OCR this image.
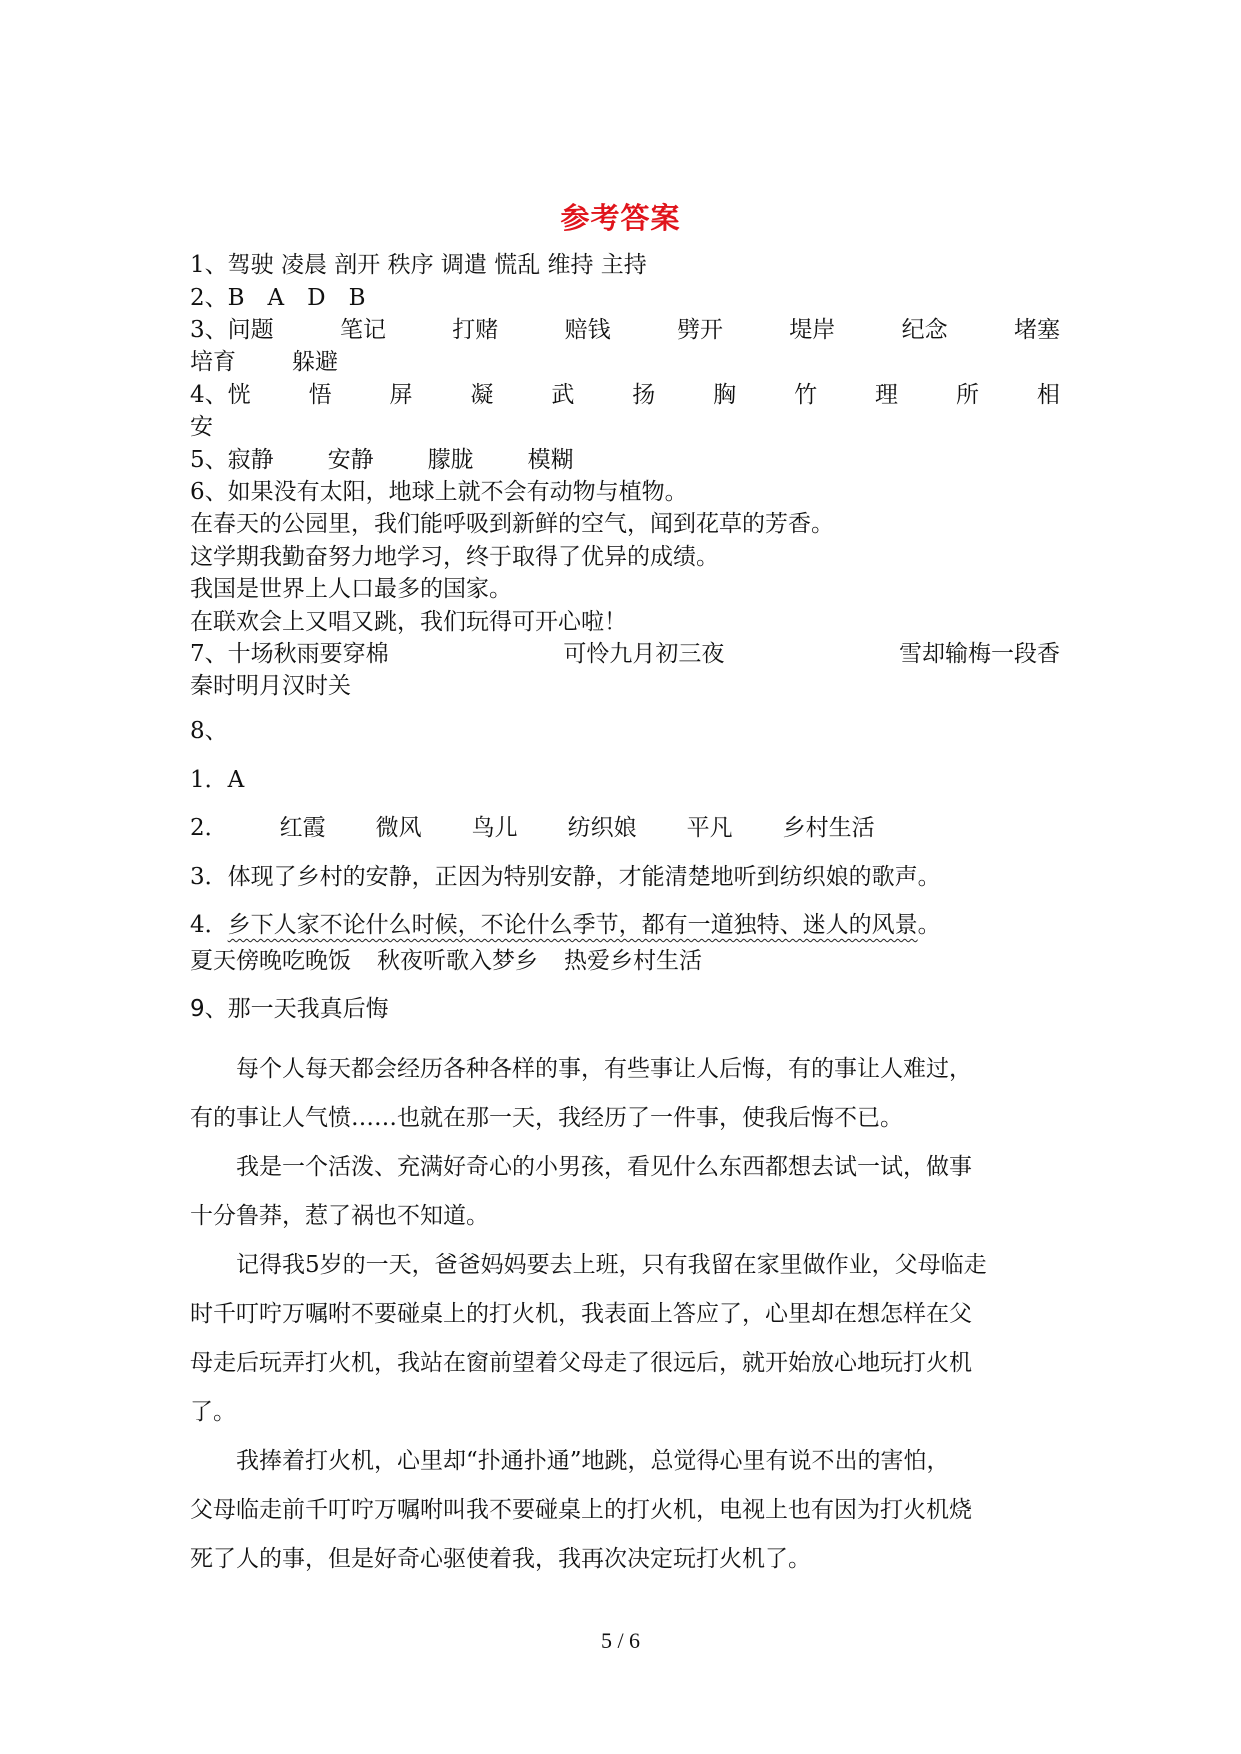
参考答案
1、驾驶 凌晨 剖开 秩序 调遣 慌乱 维持 主持
2、B　A　D　B
3、问题	笔记	打赌	赔钱	劈开	堤岸	纪念	堵塞
培育 躲避
4、恍	悟	屏	凝	武	扬	胸	竹	理	所	相
安
5、寂静 安静 朦胧 模糊
6、如果没有太阳，地球上就不会有动物与植物。
在春天的公园里，我们能呼吸到新鲜的空气，闻到花草的芳香。
这学期我勤奋努力地学习，终于取得了优异的成绩。
我国是世界上人口最多的国家。
在联欢会上又唱又跳，我们玩得可开心啦！
7、十场秋雨要穿棉	可怜九月初三夜	雪却输梅一段香
秦时明月汉时关
8、
1．A
2． 红霞 微风 鸟儿 纺织娘 平凡 乡村生活
3．体现了乡村的安静，正因为特别安静，才能清楚地听到纺织娘的歌声。
4．乡下人家不论什么时候，不论什么季节，都有一道独特、迷人的风景。
夏天傍晚吃晚饭 秋夜听歌入梦乡 热爱乡村生活
9、那一天我真后悔
每个人每天都会经历各种各样的事，有些事让人后悔，有的事让人难过，
有的事让人气愤……也就在那一天，我经历了一件事，使我后悔不已。
我是一个活泼、充满好奇心的小男孩，看见什么东西都想去试一试，做事
十分鲁莽，惹了祸也不知道。
记得我5岁的一天，爸爸妈妈要去上班，只有我留在家里做作业，父母临走
时千叮咛万嘱咐不要碰桌上的打火机，我表面上答应了，心里却在想怎样在父
母走后玩弄打火机，我站在窗前望着父母走了很远后，就开始放心地玩打火机
了。
我捧着打火机，心里却“扑通扑通”地跳，总觉得心里有说不出的害怕，
父母临走前千叮咛万嘱咐叫我不要碰桌上的打火机，电视上也有因为打火机烧
死了人的事，但是好奇心驱使着我，我再次决定玩打火机了。
5 / 6
